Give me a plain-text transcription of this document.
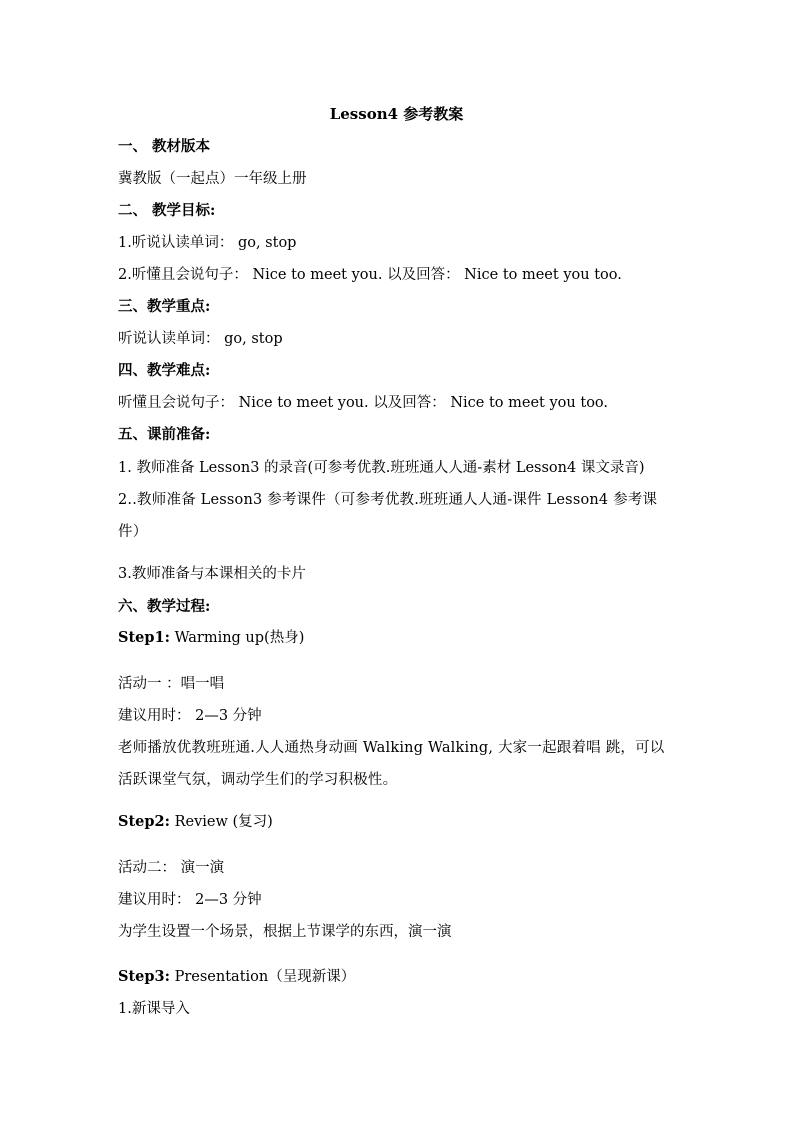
Lesson4 参考教案
一、 教材版本
冀教版（一起点）一年级上册
二、 教学目标:
1.听说认读单词： go, stop
2.听懂且会说句子： Nice to meet you. 以及回答： Nice to meet you too.
三、教学重点:
听说认读单词： go, stop
四、教学难点:
听懂且会说句子： Nice to meet you. 以及回答： Nice to meet you too.
五、课前准备:
1. 教师准备 Lesson3 的录音(可参考优教.班班通人人通-素材 Lesson4 课文录音)
2..教师准备 Lesson3 参考课件（可参考优教.班班通人人通-课件 Lesson4 参考课件）
3.教师准备与本课相关的卡片
六、教学过程:
Step1: Warming up(热身)
活动一 ：唱一唱
建议用时： 2—3 分钟
老师播放优教班班通.人人通热身动画 Walking Walking, 大家一起跟着唱 跳，可以活跃课堂气氛，调动学生们的学习积极性。
Step2: Review (复习)
活动二： 演一演
建议用时： 2—3 分钟
为学生设置一个场景，根据上节课学的东西，演一演
Step3: Presentation（呈现新课）
1.新课导入
